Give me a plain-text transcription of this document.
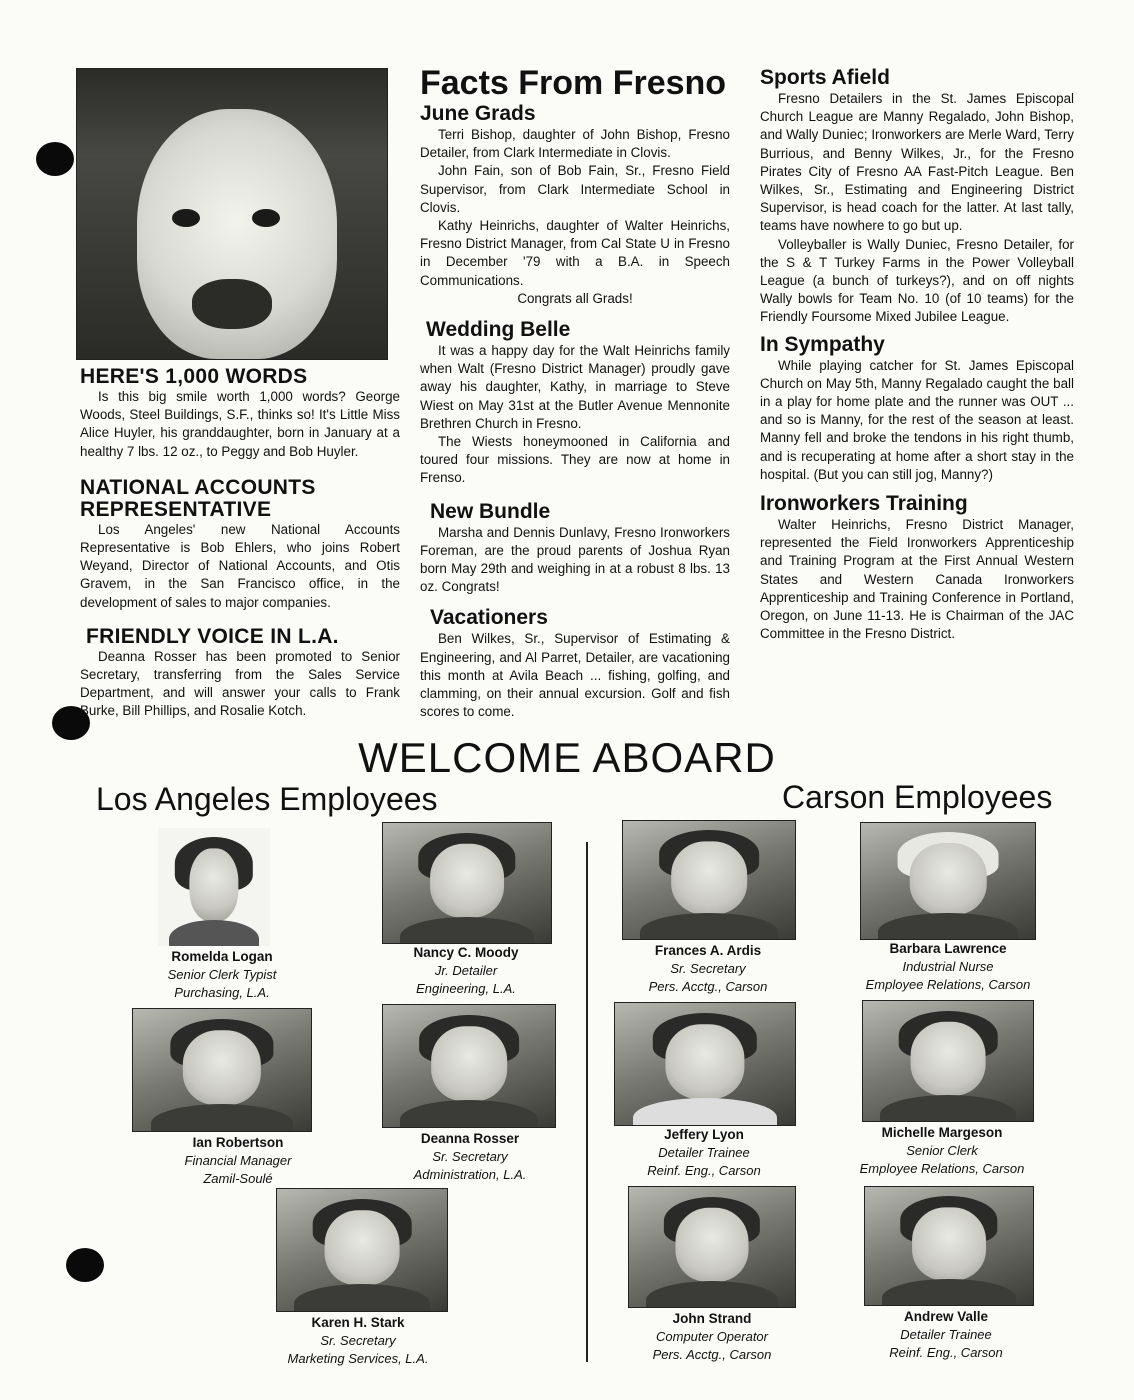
HERE'S 1,000 WORDS

Is this big smile worth 1,000 words? George Woods, Steel Buildings, S.F., thinks so! It's Little Miss Alice Huyler, his granddaughter, born in January at a healthy 7 lbs. 12 oz., to Peggy and Bob Huyler.

NATIONAL ACCOUNTS
REPRESENTATIVE

Los Angeles' new National Accounts Representative is Bob Ehlers, who joins Robert Weyand, Director of National Accounts, and Otis Gravem, in the San Francisco office, in the development of sales to major companies.

FRIENDLY VOICE IN L.A.

Deanna Rosser has been promoted to Senior Secretary, transferring from the Sales Service Department, and will answer your calls to Frank Burke, Bill Phillips, and Rosalie Kotch.

Facts From Fresno
June Grads

Terri Bishop, daughter of John Bishop, Fresno Detailer, from Clark Intermediate in Clovis.

John Fain, son of Bob Fain, Sr., Fresno Field Supervisor, from Clark Intermediate School in Clovis.

Kathy Heinrichs, daughter of Walter Heinrichs, Fresno District Manager, from Cal State U in Fresno in December '79 with a B.A. in Speech Communications.

Congrats all Grads!

Wedding Belle

It was a happy day for the Walt Heinrichs family when Walt (Fresno District Manager) proudly gave away his daughter, Kathy, in marriage to Steve Wiest on May 31st at the Butler Avenue Mennonite Brethren Church in Fresno.

The Wiests honeymooned in California and toured four missions. They are now at home in Frenso.

New Bundle

Marsha and Dennis Dunlavy, Fresno Ironworkers Foreman, are the proud parents of Joshua Ryan born May 29th and weighing in at a robust 8 lbs. 13 oz. Congrats!

Vacationers

Ben Wilkes, Sr., Supervisor of Estimating & Engineering, and Al Parret, Detailer, are vacationing this month at Avila Beach ... fishing, golfing, and clamming, on their annual excursion. Golf and fish scores to come.

Sports Afield

Fresno Detailers in the St. James Episcopal Church League are Manny Regalado, John Bishop, and Wally Duniec; Ironworkers are Merle Ward, Terry Burrious, and Benny Wilkes, Jr., for the Fresno Pirates City of Fresno AA Fast-Pitch League. Ben Wilkes, Sr., Estimating and Engineering District Supervisor, is head coach for the latter. At last tally, teams have nowhere to go but up.

Volleyballer is Wally Duniec, Fresno Detailer, for the S & T Turkey Farms in the Power Volleyball League (a bunch of turkeys?), and on off nights Wally bowls for Team No. 10 (of 10 teams) for the Friendly Foursome Mixed Jubilee League.

In Sympathy

While playing catcher for St. James Episcopal Church on May 5th, Manny Regalado caught the ball in a play for home plate and the runner was OUT ... and so is Manny, for the rest of the season at least. Manny fell and broke the tendons in his right thumb, and is recuperating at home after a short stay in the hospital. (But you can still jog, Manny?)

Ironworkers Training

Walter Heinrichs, Fresno District Manager, represented the Field Ironworkers Apprenticeship and Training Program at the First Annual Western States and Western Canada Ironworkers Apprenticeship and Training Conference in Portland, Oregon, on June 11-13. He is Chairman of the JAC Committee in the Fresno District.

WELCOME ABOARD
Los Angeles Employees	Carson Employees
Romelda Logan
Senior Clerk Typist
Purchasing, L.A.
Nancy C. Moody
Jr. Detailer
Engineering, L.A.
Ian Robertson
Financial Manager
Zamil-Soulé
Deanna Rosser
Sr. Secretary
Administration, L.A.
Karen H. Stark
Sr. Secretary
Marketing Services, L.A.
Frances A. Ardis
Sr. Secretary
Pers. Acctg., Carson
Barbara Lawrence
Industrial Nurse
Employee Relations, Carson
Jeffery Lyon
Detailer Trainee
Reinf. Eng., Carson
Michelle Margeson
Senior Clerk
Employee Relations, Carson
John Strand
Computer Operator
Pers. Acctg., Carson
Andrew Valle
Detailer Trainee
Reinf. Eng., Carson
